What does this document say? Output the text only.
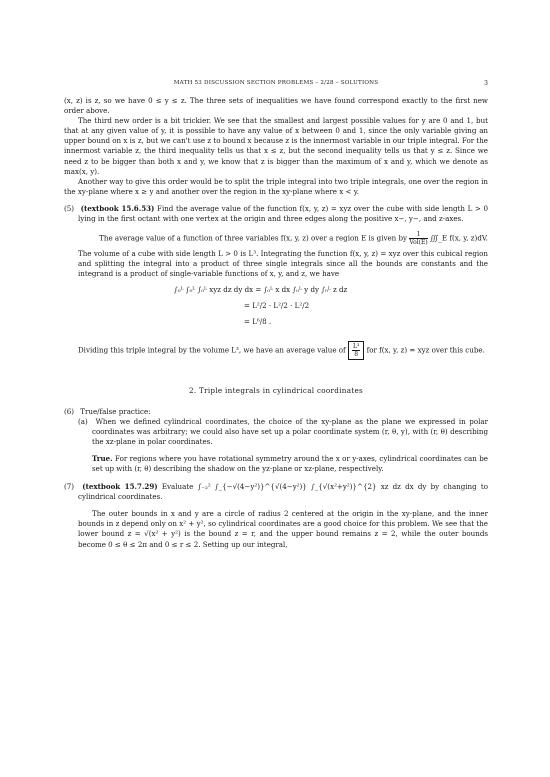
MATH 53 DISCUSSION SECTION PROBLEMS – 2/28 – SOLUTIONS	3

(x, z) is z, so we have 0 ≤ y ≤ z. The three sets of inequalities we have found correspond exactly to the first new order above.

The third new order is a bit trickier. We see that the smallest and largest possible values for y are 0 and 1, but that at any given value of y, it is possible to have any value of x between 0 and 1, since the only variable giving an upper bound on x is z, but we can't use z to bound x because z is the innermost variable in our triple integral. For the innermost variable z, the third inequality tells us that x ≤ z, but the second inequality tells us that y ≤ z. Since we need z to be bigger than both x and y, we know that z is bigger than the maximum of x and y, which we denote as max(x, y).

Another way to give this order would be to split the triple integral into two triple integrals, one over the region in the xy-plane where x ≥ y and another over the region in the xy-plane where x < y.

(5) (textbook 15.6.53) Find the average value of the function f(x, y, z) = xyz over the cube with side length L > 0 lying in the first octant with one vertex at the origin and three edges along the positive x−, y−, and z-axes.

The average value of a function of three variables f(x, y, z) over a region E is given by $\frac{1}{\text{Vol(E)}}$ ∭_E f(x, y, z)dV.

The volume of a cube with side length L > 0 is L³. Integrating the function f(x, y, z) = xyz over this cubical region and splitting the integral into a product of three single integrals since all the bounds are constants and the integrand is a product of single-variable functions of x, y, and z, we have

∫₀ᴸ ∫₀ᴸ ∫₀ᴸ xyz dz dy dx = ∫₀ᴸ x dx ∫₀ᴸ y dy ∫₀ᴸ z dz
= L²/2 · L²/2 · L²/2
= L⁶/8 .

Dividing this triple integral by the volume L³, we have an average value of $\frac{\text{L³}}{8}$ for f(x, y, z) = xyz over this cube.

2. Triple integrals in cylindrical coordinates

(6) True/false practice:

(a) When we defined cylindrical coordinates, the choice of the xy-plane as the plane we expressed in polar coordinates was arbitrary; we could also have set up a polar coordinate system (r, θ, y), with (r, θ) describing the xz-plane in polar coordinates.

True. For regions where you have rotational symmetry around the x or y-axes, cylindrical coordinates can be set up with (r, θ) describing the shadow on the yz-plane or xz-plane, respectively.

(7) (textbook 15.7.29) Evaluate ∫₋₂² ∫_{−√(4−y²)}^{√(4−y²)} ∫_{√(x²+y²)}^{2} xz dz dx dy by changing to cylindrical coordinates.

The outer bounds in x and y are a circle of radius 2 centered at the origin in the xy-plane, and the inner bounds in z depend only on x² + y², so cylindrical coordinates are a good choice for this problem. We see that the lower bound z = √(x² + y²) is the bound z = r, and the upper bound remains z = 2, while the outer bounds become 0 ≤ θ ≤ 2π and 0 ≤ r ≤ 2. Setting up our integral,
